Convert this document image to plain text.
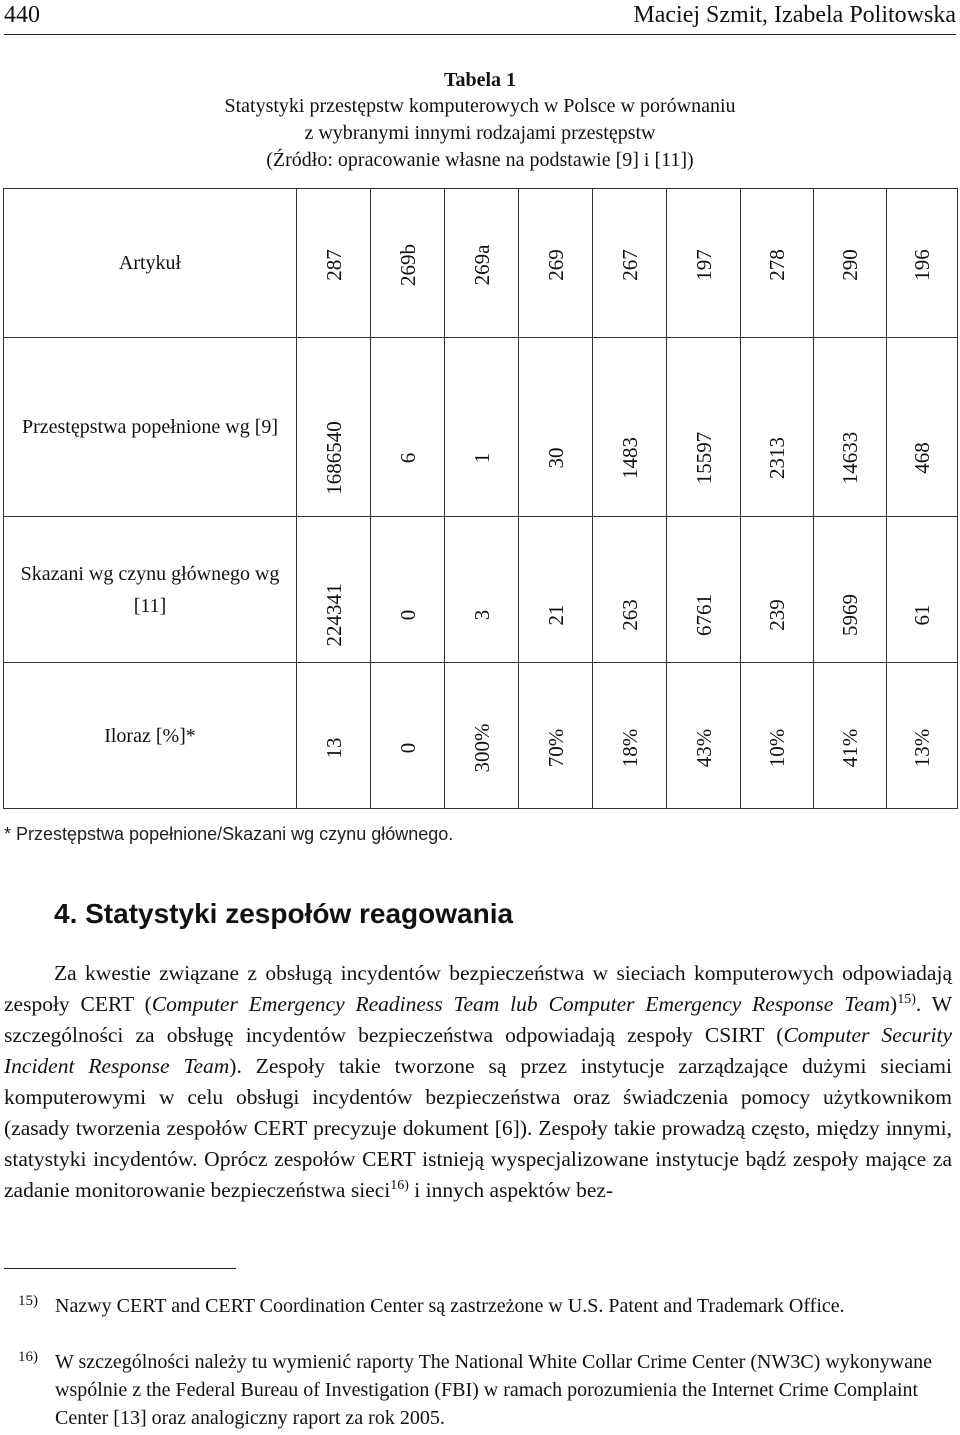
440	Maciej Szmit, Izabela Politowska
Tabela 1
Statystyki przestępstw komputerowych w Polsce w porównaniu
z wybranymi innymi rodzajami przestępstw
(Źródło: opracowanie własne na podstawie [9] i [11])
Artykuł	287	269b	269a	269	267	197	278	290	196

Przestępstwa popełnione wg [9]	1686540	6	1	30	1483	15597	2313	14633	468

Skazani wg czynu głównego wg [11]	224341	0	3	21	263	6761	239	5969	61

Iloraz [%]*	13	0	300%	70%	18%	43%	10%	41%	13%
* Przestępstwa popełnione/Skazani wg czynu głównego.
4. Statystyki zespołów reagowania
Za kwestie związane z obsługą incydentów bezpieczeństwa w sieciach komputerowych odpowiadają zespoły CERT (Computer Emergency Readiness Team lub Computer Emergency Response Team)$^{15)}$. W szczególności za obsługę incydentów bezpieczeństwa odpowiadają zespoły CSIRT (Computer Security Incident Response Team). Zespoły takie tworzone są przez instytucje zarządzające dużymi sieciami komputerowymi w celu obsługi incydentów bezpieczeństwa oraz świadczenia pomocy użytkownikom (zasady tworzenia zespołów CERT precyzuje dokument [6]). Zespoły takie prowadzą często, między innymi, statystyki incydentów. Oprócz zespołów CERT istnieją wyspecjalizowane instytucje bądź zespoły mające za zadanie monitorowanie bezpieczeństwa sieci$^{16)}$ i innych aspektów bez-
15) Nazwy CERT and CERT Coordination Center są zastrzeżone w U.S. Patent and Trademark Office.
16) W szczególności należy tu wymienić raporty The National White Collar Crime Center (NW3C) wykonywane wspólnie z the Federal Bureau of Investigation (FBI) w ramach porozumienia the Internet Crime Complaint Center [13] oraz analogiczny raport za rok 2005.
